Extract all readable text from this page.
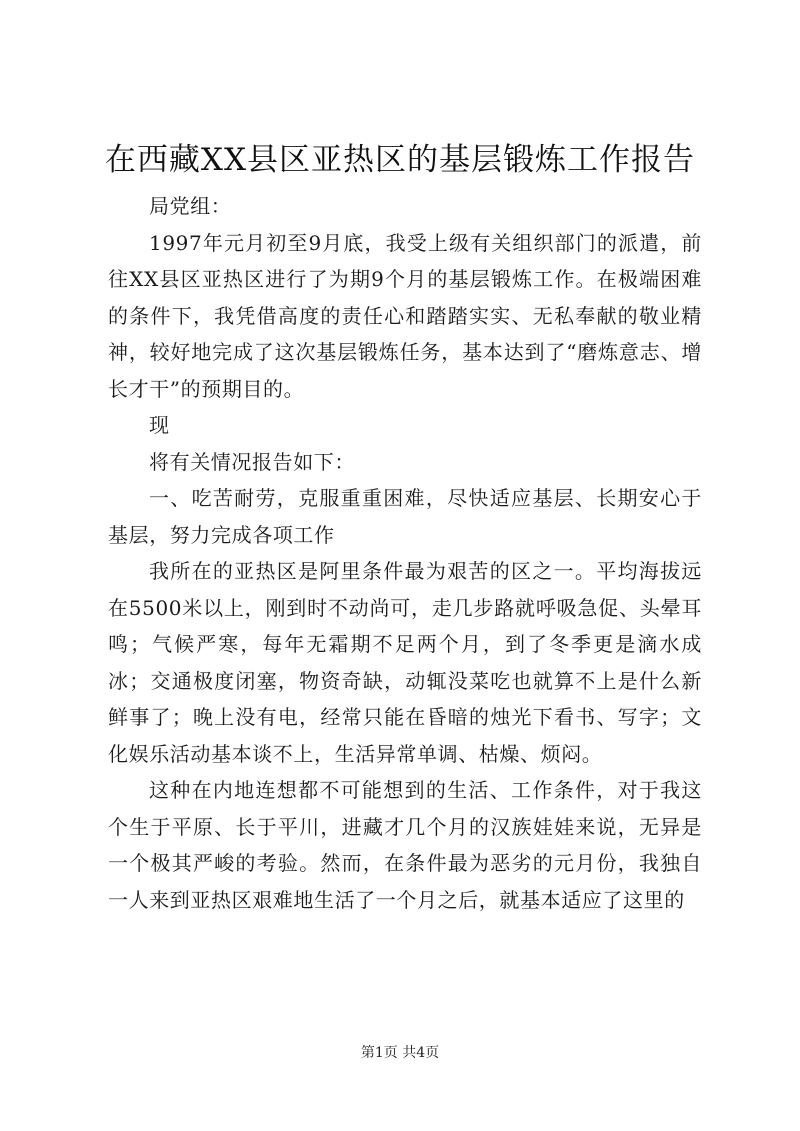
在西藏XX县区亚热区的基层锻炼工作报告

局党组：

1997年元月初至9月底，我受上级有关组织部门的派遣，前往XX县区亚热区进行了为期9个月的基层锻炼工作。在极端困难的条件下，我凭借高度的责任心和踏踏实实、无私奉献的敬业精神，较好地完成了这次基层锻炼任务，基本达到了“磨炼意志、增长才干”的预期目的。

现

将有关情况报告如下：

一、吃苦耐劳，克服重重困难，尽快适应基层、长期安心于基层，努力完成各项工作

我所在的亚热区是阿里条件最为艰苦的区之一。平均海拔远在5500米以上，刚到时不动尚可，走几步路就呼吸急促、头晕耳鸣；气候严寒，每年无霜期不足两个月，到了冬季更是滴水成冰；交通极度闭塞，物资奇缺，动辄没菜吃也就算不上是什么新鲜事了；晚上没有电，经常只能在昏暗的烛光下看书、写字；文化娱乐活动基本谈不上，生活异常单调、枯燥、烦闷。

这种在内地连想都不可能想到的生活、工作条件，对于我这个生于平原、长于平川，进藏才几个月的汉族娃娃来说，无异是一个极其严峻的考验。然而，在条件最为恶劣的元月份，我独自一人来到亚热区艰难地生活了一个月之后，就基本适应了这里的

第1页 共4页
